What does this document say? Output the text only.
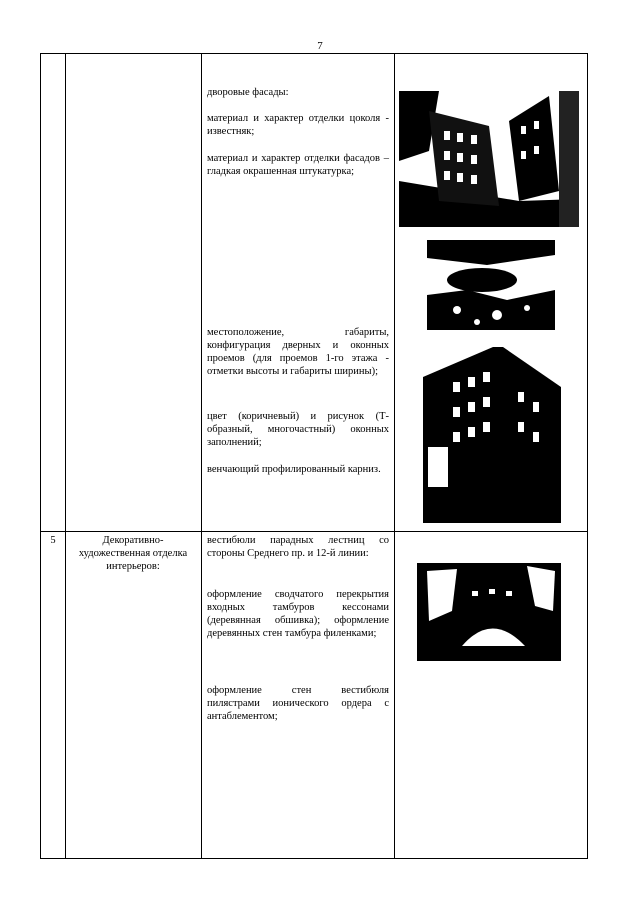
7
дворовые фасады:
материал и характер отделки цоколя - известняк;
материал и характер отделки фасадов – гладкая окрашенная штукатурка;
местоположение, габариты, конфигурация дверных и оконных проемов (для проемов 1-го этажа - отметки высоты и габариты ширины);
цвет (коричневый) и рисунок (Т-образный, многочастный) оконных заполнений;
венчающий профилированный карниз.
5	Декоративно-художественная отделка интерьеров:
вестибюли парадных лестниц со стороны Среднего пр. и 12-й линии:
оформление сводчатого перекрытия входных тамбуров кессонами (деревянная обшивка); оформление деревянных стен тамбура филенками;
оформление стен вестибюля пилястрами ионического ордера с антаблементом;
